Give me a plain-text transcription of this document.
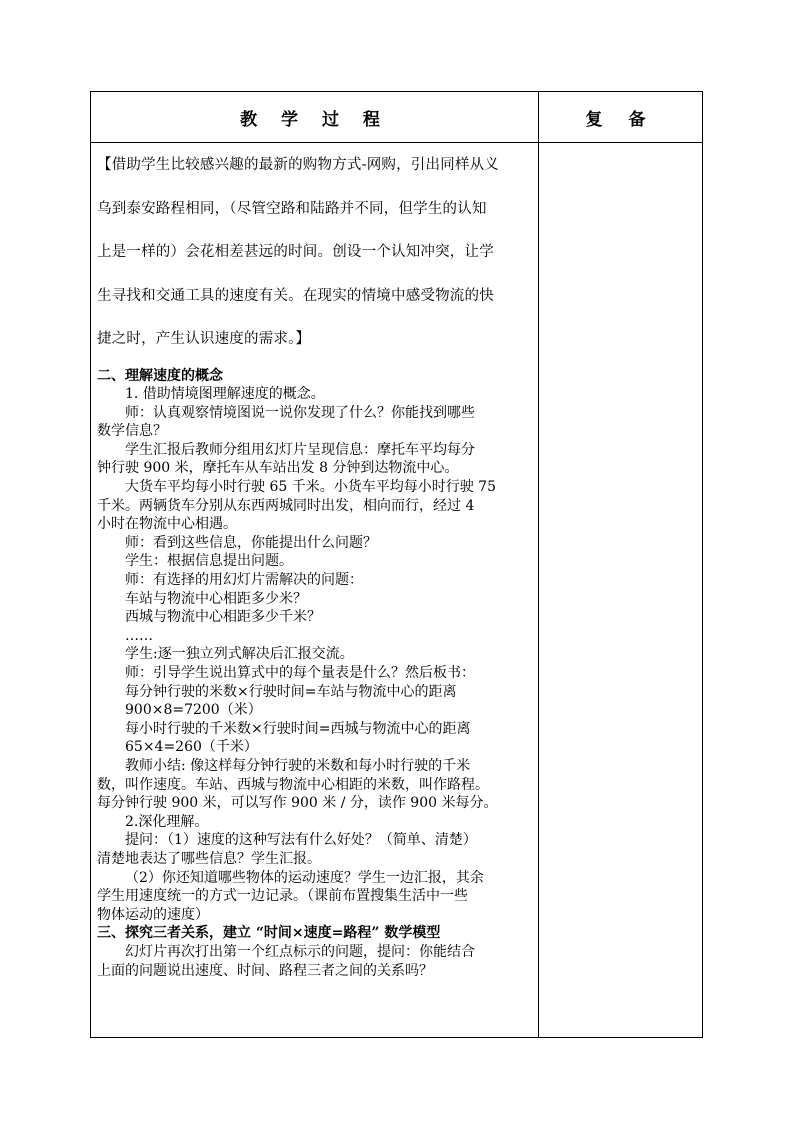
教 学 过 程	复 备

【借助学生比较感兴趣的最新的购物方式-网购，引出同样从义

乌到泰安路程相同，（尽管空路和陆路并不同，但学生的认知

上是一样的）会花相差甚远的时间。创设一个认知冲突，让学

生寻找和交通工具的速度有关。在现实的情境中感受物流的快

捷之时，产生认识速度的需求。】

二、理解速度的概念

1. 借助情境图理解速度的概念。

师：认真观察情境图说一说你发现了什么？你能找到哪些

数学信息？

学生汇报后教师分组用幻灯片呈现信息：摩托车平均每分

钟行驶 900 米，摩托车从车站出发 8 分钟到达物流中心。

大货车平均每小时行驶 65 千米。小货车平均每小时行驶 75

千米。两辆货车分别从东西两城同时出发，相向而行，经过 4

小时在物流中心相遇。

师：看到这些信息，你能提出什么问题？

学生：根据信息提出问题。

师：有选择的用幻灯片需解决的问题：

车站与物流中心相距多少米？

西城与物流中心相距多少千米？

……

学生:逐一独立列式解决后汇报交流。

师：引导学生说出算式中的每个量表是什么？然后板书：

每分钟行驶的米数×行驶时间=车站与物流中心的距离

900×8=7200（米）

每小时行驶的千米数×行驶时间=西城与物流中心的距离

65×4=260（千米）

教师小结: 像这样每分钟行驶的米数和每小时行驶的千米

数，叫作速度。车站、西城与物流中心相距的米数，叫作路程。

每分钟行驶 900 米，可以写作 900 米 / 分，读作 900 米每分。

2.深化理解。

提问：（1）速度的这种写法有什么好处？（简单、清楚）

清楚地表达了哪些信息？学生汇报。

（2）你还知道哪些物体的运动速度？学生一边汇报，其余

学生用速度统一的方式一边记录。（课前布置搜集生活中一些

物体运动的速度）

三、探究三者关系，建立 “时间×速度=路程” 数学模型

幻灯片再次打出第一个红点标示的问题，提问：你能结合

上面的问题说出速度、时间、路程三者之间的关系吗？
